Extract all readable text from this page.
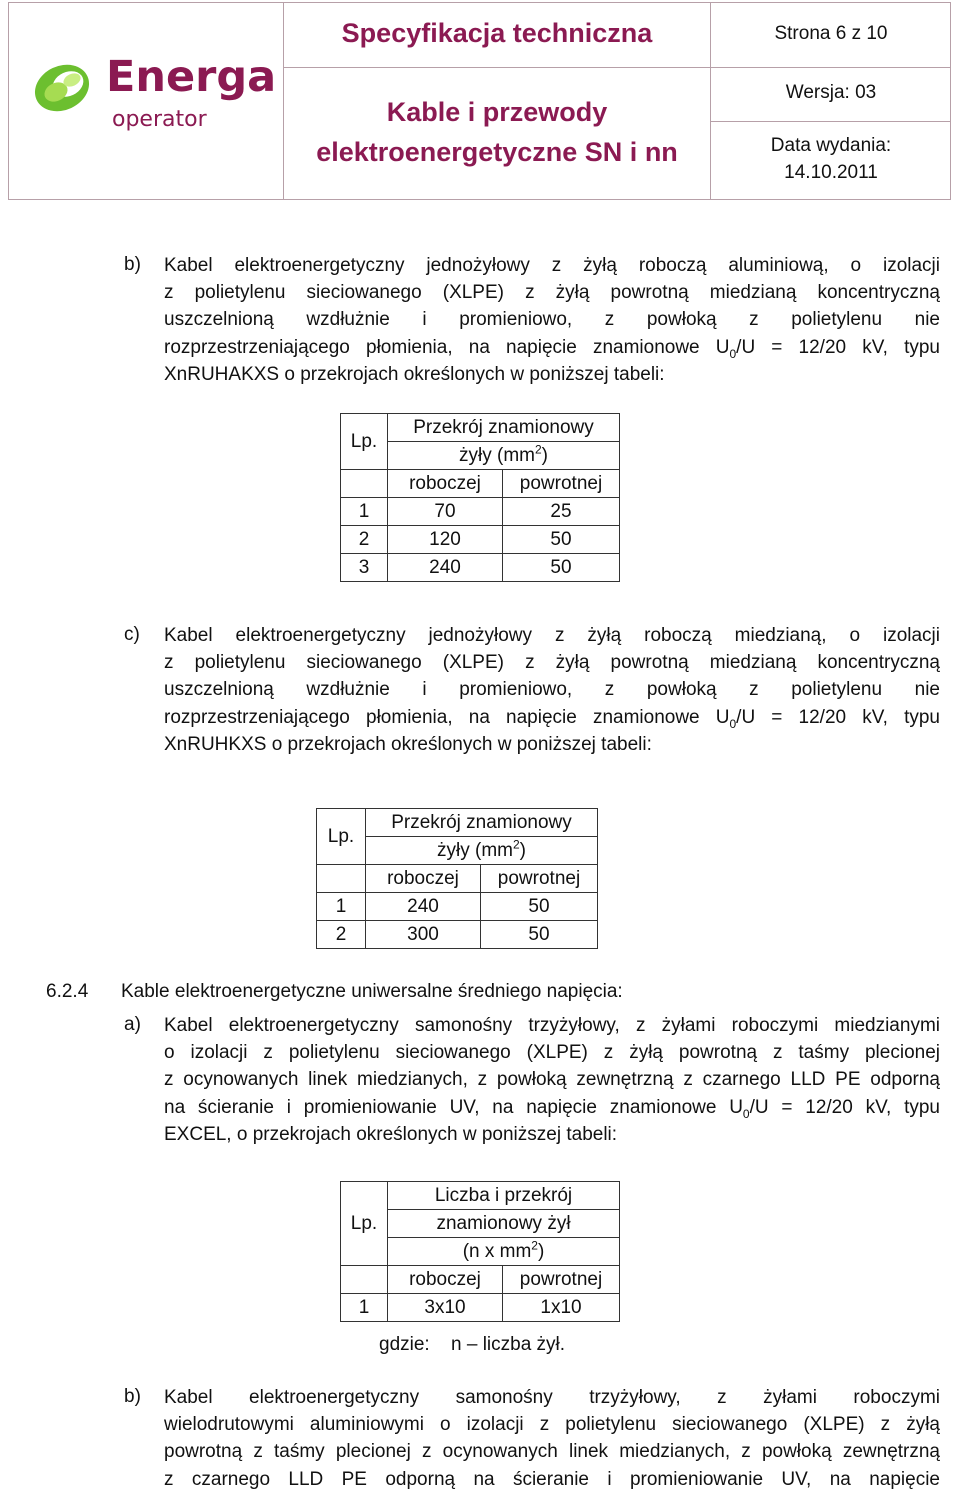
Energa
operator
Specyfikacja techniczna
Kable i przewody
elektroenergetyczne SN i nn
Strona 6 z 10
Wersja: 03
Data wydania:
14.10.2011
b) Kabel elektroenergetyczny jednożyłowy z żyłą roboczą aluminiową, o izolacji
z polietylenu sieciowanego (XLPE) z żyłą powrotną miedzianą koncentryczną
uszczelnioną wzdłużnie i promieniowo, z powłoką z polietylenu nie
rozprzestrzeniającego płomienia, na napięcie znamionowe $U_0/U = 12/20$ kV, typu
XnRUHAKXS o przekrojach określonych w poniższej tabeli:
Lp.	Przekrój znamionowy	
	żyły $(mm^2)$	
	roboczej	powrotnej
1	70	25
2	120	50
3	240	50
c) Kabel elektroenergetyczny jednożyłowy z żyłą roboczą miedzianą, o izolacji
z polietylenu sieciowanego (XLPE) z żyłą powrotną miedzianą koncentryczną
uszczelnioną wzdłużnie i promieniowo, z powłoką z polietylenu nie
rozprzestrzeniającego płomienia, na napięcie znamionowe $U_0/U = 12/20$ kV, typu
XnRUHKXS o przekrojach określonych w poniższej tabeli:
Lp.	Przekrój znamionowy	
	żyły $(mm^2)$	
	roboczej	powrotnej
1	240	50
2	300	50
6.2.4 Kable elektroenergetyczne uniwersalne średniego napięcia:
a) Kabel elektroenergetyczny samonośny trzyżyłowy, z żyłami roboczymi miedzianymi
o izolacji z polietylenu sieciowanego (XLPE) z żyłą powrotną z taśmy plecionej
z ocynowanych linek miedzianych, z powłoką zewnętrzną z czarnego LLD PE odporną
na ścieranie i promieniowanie UV, na napięcie znamionowe $U_0/U = 12/20$ kV, typu
EXCEL, o przekrojach określonych w poniższej tabeli:
Lp.	Liczba i przekrój	
	znamionowy żył	
	(n x $mm^2$)	
	roboczej	powrotnej
1	3x10	1x10
gdzie: n – liczba żył.
b) Kabel elektroenergetyczny samonośny trzyżyłowy, z żyłami roboczymi
wielodrutowymi aluminiowymi o izolacji z polietylenu sieciowanego (XLPE) z żyłą
powrotną z taśmy plecionej z ocynowanych linek miedzianych, z powłoką zewnętrzną
z czarnego LLD PE odporną na ścieranie i promieniowanie UV, na napięcie
